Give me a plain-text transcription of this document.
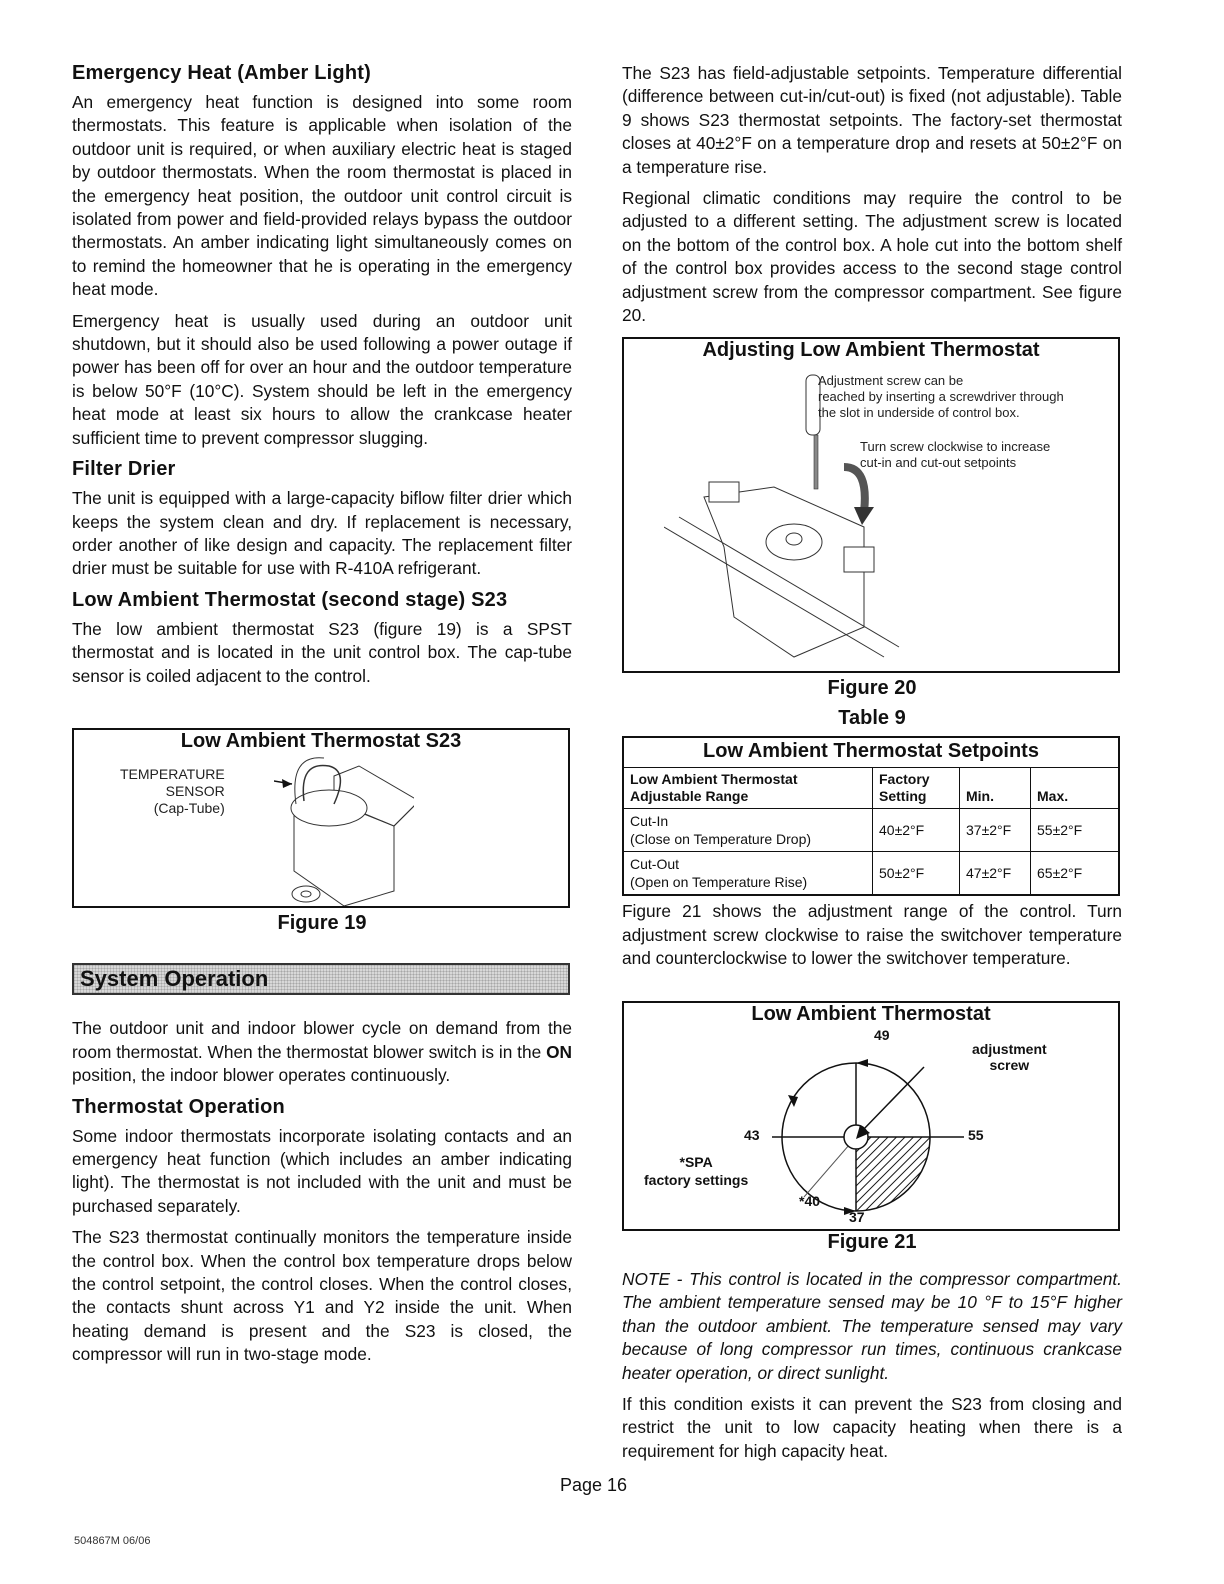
Emergency Heat (Amber Light)

An emergency heat function is designed into some room thermostats. This feature is applicable when isolation of the outdoor unit is required, or when auxiliary electric heat is staged by outdoor thermostats. When the room thermostat is placed in the emergency heat position, the outdoor unit control circuit is isolated from power and field-provided relays bypass the outdoor thermostats. An amber indicating light simultaneously comes on to remind the homeowner that he is operating in the emergency heat mode.

Emergency heat is usually used during an outdoor unit shutdown, but it should also be used following a power outage if power has been off for over an hour and the outdoor temperature is below 50°F (10°C). System should be left in the emergency heat mode at least six hours to allow the crankcase heater sufficient time to prevent compressor slugging.

Filter Drier

The unit is equipped with a large-capacity biflow filter drier which keeps the system clean and dry. If replacement is necessary, order another of like design and capacity. The replacement filter drier must be suitable for use with R-410A refrigerant.

Low Ambient Thermostat (second stage) S23

The low ambient thermostat S23 (figure 19) is a SPST thermostat and is located in the unit control box. The cap-tube sensor is coiled adjacent to the control.

Low Ambient Thermostat S23

TEMPERATURE
SENSOR
(Cap-Tube)

Figure 19

System Operation

The outdoor unit and indoor blower cycle on demand from the room thermostat. When the thermostat blower switch is in the ON position, the indoor blower operates continuously.

Thermostat Operation

Some indoor thermostats incorporate isolating contacts and an emergency heat function (which includes an amber indicating light). The thermostat is not included with the unit and must be purchased separately.

The S23 thermostat continually monitors the temperature inside the control box. When the control box temperature drops below the control setpoint, the control closes. When the control closes, the contacts shunt across Y1 and Y2 inside the unit. When heating demand is present and the S23 is closed, the compressor will run in two-stage mode.

The S23 has field-adjustable setpoints. Temperature differential (difference between cut-in/cut-out) is fixed (not adjustable). Table 9 shows S23 thermostat setpoints. The factory-set thermostat closes at 40±2°F on a temperature drop and resets at 50±2°F on a temperature rise.

Regional climatic conditions may require the control to be adjusted to a different setting. The adjustment screw is located on the bottom of the control box. A hole cut into the bottom shelf of the control box provides access to the second stage control adjustment screw from the compressor compartment. See figure 20.

Adjusting Low Ambient Thermostat

Adjustment screw can be
reached by inserting a screwdriver through
the slot in underside of control box.
Turn screw clockwise to increase
cut-in and cut-out setpoints

Figure 20

Table 9

Low Ambient Thermostat Setpoints
Low Ambient Thermostat Adjustable Range	Factory Setting	Min.	Max.

Cut-In
(Close on Temperature Drop)	40±2°F	37±2°F	55±2°F

Cut-Out
(Open on Temperature Rise)	50±2°F	47±2°F	65±2°F

Figure 21 shows the adjustment range of the control. Turn adjustment screw clockwise to raise the switchover temperature and counterclockwise to lower the switchover temperature.

Low Ambient Thermostat

49
43	55
37
*40
adjustment
screw
*SPA
factory settings

Figure 21

NOTE - This control is located in the compressor compartment. The ambient temperature sensed may be 10 °F to 15°F higher than the outdoor ambient. The temperature sensed may vary because of long compressor run times, continuous crankcase heater operation, or direct sunlight.

If this condition exists it can prevent the S23 from closing and restrict the unit to low capacity heating when there is a requirement for high capacity heat.

Page 16
504867M 06/06
